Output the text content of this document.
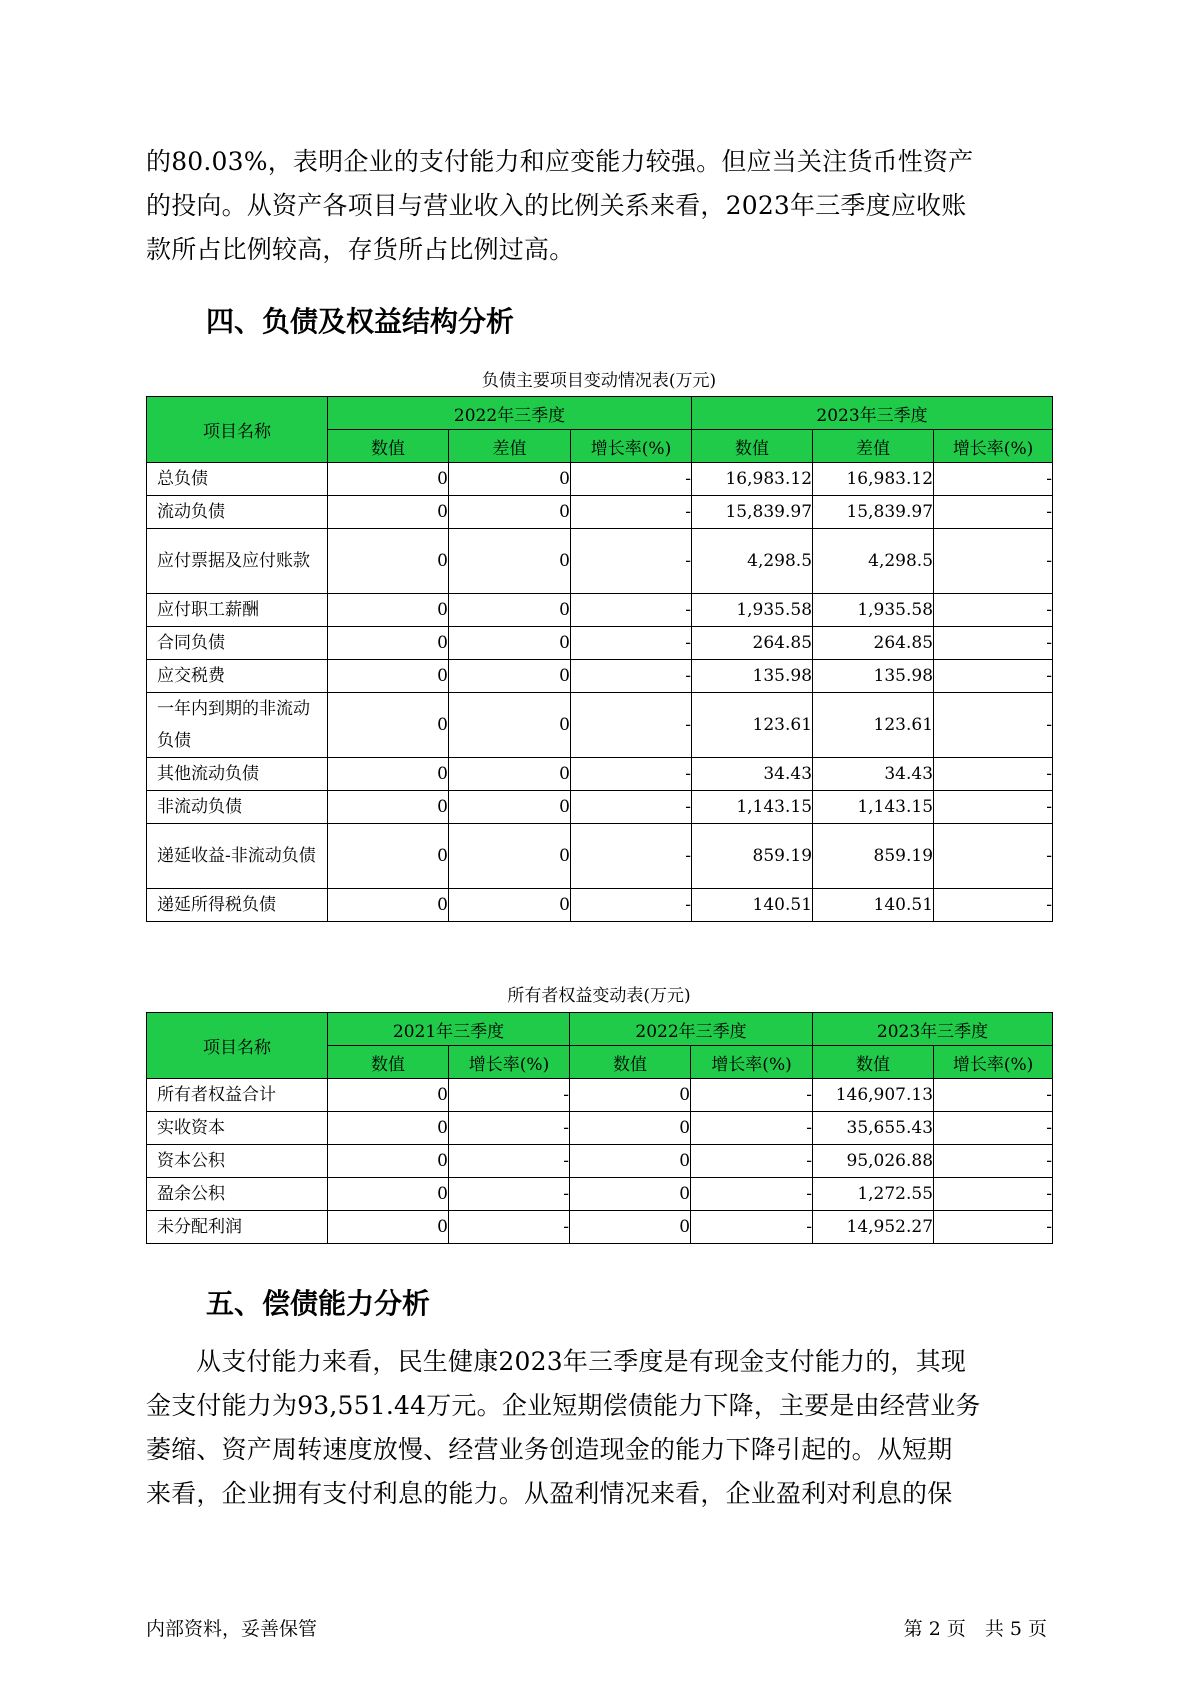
的80.03%，表明企业的支付能力和应变能力较强。但应当关注货币性资产
的投向。从资产各项目与营业收入的比例关系来看，2023年三季度应收账
款所占比例较高，存货所占比例过高。
四、负债及权益结构分析
负债主要项目变动情况表(万元)
项目名称	2022年三季度			2023年三季度		
	数值	差值	增长率(%)	数值	差值	增长率(%)
总负债	0	0	-	16,983.12	16,983.12	-
流动负债	0	0	-	15,839.97	15,839.97	-
应付票据及应付账款	0	0	-	4,298.5	4,298.5	-
应付职工薪酬	0	0	-	1,935.58	1,935.58	-
合同负债	0	0	-	264.85	264.85	-
应交税费	0	0	-	135.98	135.98	-
一年内到期的非流动负债	0	0	-	123.61	123.61	-
其他流动负债	0	0	-	34.43	34.43	-
非流动负债	0	0	-	1,143.15	1,143.15	-
递延收益-非流动负债	0	0	-	859.19	859.19	-
递延所得税负债	0	0	-	140.51	140.51	-
所有者权益变动表(万元)
项目名称	2021年三季度		2022年三季度		2023年三季度	
	数值	增长率(%)	数值	增长率(%)	数值	增长率(%)
所有者权益合计	0	-	0	-	146,907.13	-
实收资本	0	-	0	-	35,655.43	-
资本公积	0	-	0	-	95,026.88	-
盈余公积	0	-	0	-	1,272.55	-
未分配利润	0	-	0	-	14,952.27	-
五、偿债能力分析
从支付能力来看，民生健康2023年三季度是有现金支付能力的，其现
金支付能力为93,551.44万元。企业短期偿债能力下降，主要是由经营业务
萎缩、资产周转速度放慢、经营业务创造现金的能力下降引起的。从短期
来看，企业拥有支付利息的能力。从盈利情况来看，企业盈利对利息的保
内部资料，妥善保管	第 2 页　共 5 页
